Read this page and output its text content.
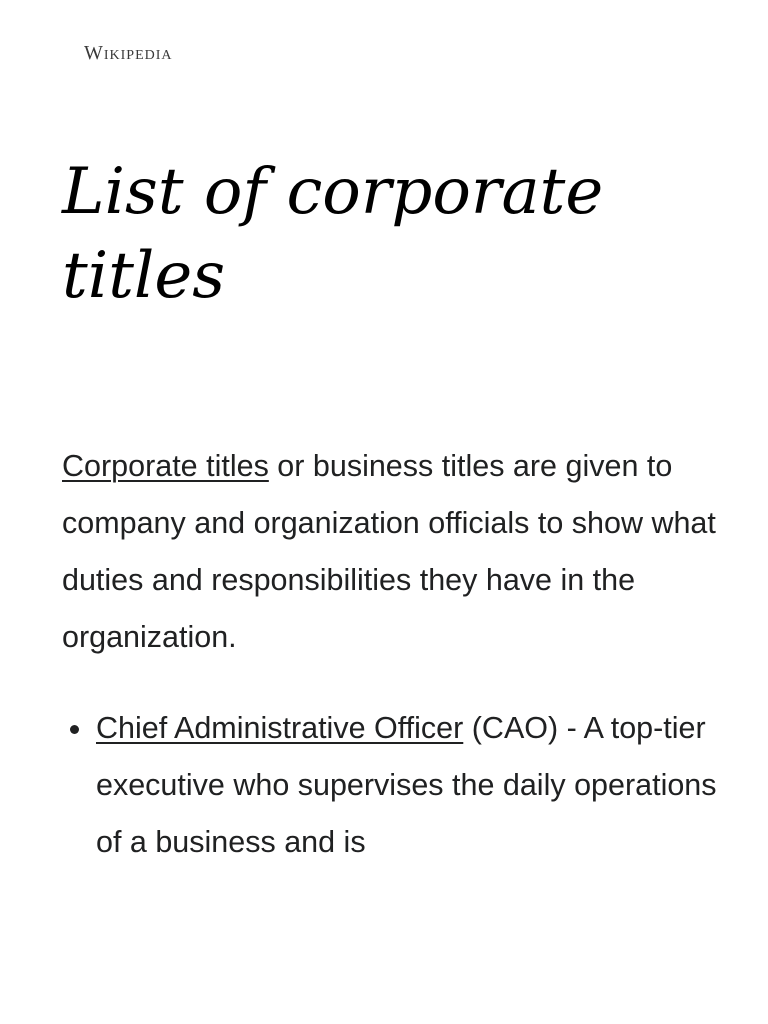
Wikipedia
List of corporate titles

Corporate titles or business titles are given to company and organization officials to show what duties and responsibilities they have in the organization.

Chief Administrative Officer (CAO) - A top-tier executive who supervises the daily operations of a business and is
